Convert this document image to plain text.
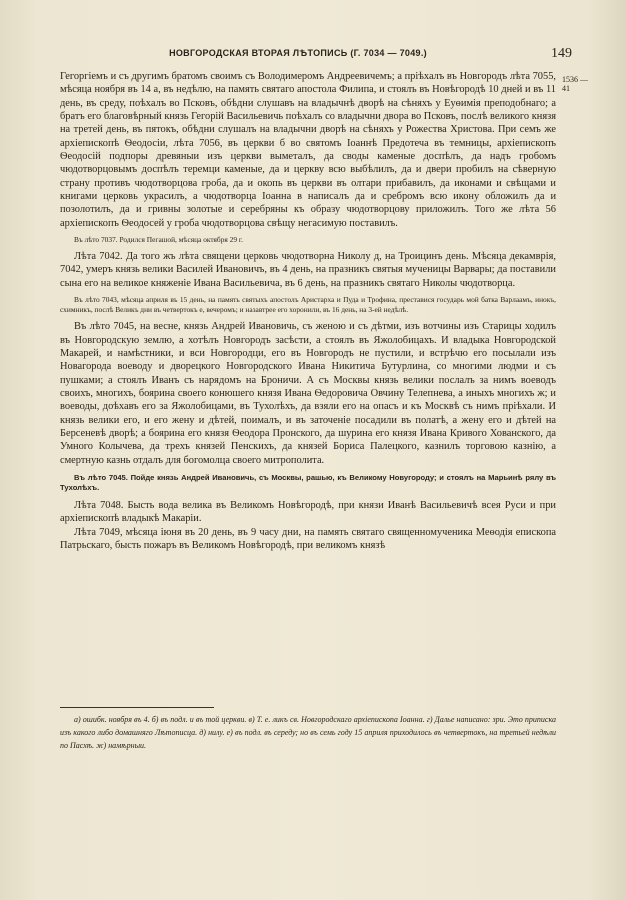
НОВГОРОДСКАЯ ВТОРАЯ ЛѢТОПИСЬ (Г. 7034 — 7049.)	149
1536 —41

Гегоргiемъ и съ другимъ братомъ своимъ съ Володимеромъ Андреевичемъ; а прiѣхалъ въ Новгородъ лѣта 7055, мѣсяца ноября въ 14 а, въ недѣлю, на память святаго апостола Филипа, и стоялъ въ Новѣгородѣ 10 дней и въ 11 день, въ среду, поѣхалъ во Псковъ, обѣдни слушавъ на владычнѣ дворѣ на сѣняхъ у Еуѳимiя преподобнаго; а братъ его благовѣрный князь Гегорiй Васильевичь поѣхалъ со владычни двора во Псковъ, послѣ великого князя на третей день, въ пятокъ, обѣдни слушалъ на владычни дворѣ на сѣняхъ у Рожества Христова. При семъ же архiепископѣ Ѳеодосiи, лѣта 7056, въ церкви б во святомъ Iоаннѣ Предотеча въ темницы, архiепископъ Ѳеодосiй подпоры древяныи изъ церкви выметалъ, да своды каменые доспѣлъ, да надъ гробомъ чюдотворцовымъ доспѣлъ теремци каменые, да и церкву всю выбѣлилъ, да и двери пробилъ на сѣверную страну противъ чюдотворцова гроба, да и окопь въ церкви въ олтари прибавилъ, да иконами и свѣщами и книгами церковь украсилъ, а чюдотворца Iоанна в написалъ да и сребромъ всю икону обложилъ да и позолотилъ, да и гривны золотые и серебряны къ образу чюдотворцову приложилъ. Того же лѣта 56 архiепископъ Ѳеодосей у гроба чюдотворцова свѣщу негасимую поставилъ.

Въ лѣто 7037. Родился Пегашой, мѣсяца октября 29 г.

Лѣта 7042. Да того жъ лѣта священи церковь чюдотворна Николу д, на Троицинъ день. Мѣсяца декамврiя, 7042, умеръ князь велики Василей Ивановичъ, въ 4 день, на празникъ святыя мученицы Варвары; да поставили сына его на великое княженiе Ивана Васильевича, въ 6 день, на празникъ святаго Николы чюдотворца.

Въ лѣто 7043, мѣсяца априля въ 15 день, на память святыхъ апостолъ Аристарха и Пуда и Трофина, преставися государь мой батка Варлаамъ, инокъ, схимникъ, послѣ Великъ дни въ четвертокъ е, вечеромъ; и назавтрее его хоронили, въ 16 день, на 3-ей недѣлѣ.

Въ лѣто 7045, на весне, князь Андрей Ивановичь, съ женою и съ дѣтми, изъ вотчины изъ Старицы ходилъ въ Новгородскую землю, а хотѣлъ Новгородъ засѣсти, а стоялъ въ Яжолобицахъ. И владыка Новгородской Макарей, и намѣстники, и вси Новгородци, его въ Новгородъ не пустили, и встрѣчю его посылали изъ Новагорода воеводу и дворецкого Новгородского Ивана Никитича Бутурлина, со многими людми и съ пушками; а стоялъ Иванъ съ нарядомъ на Броничи. А съ Москвы князь велики послалъ за нимъ воеводъ своихъ, многихъ, боярина своего конюшего князя Ивана Ѳедоровича Овчину Телепнева, а иныхъ многихъ ж; и воеводы, доѣхавъ его за Яжолобицами, въ Тухолѣхъ, да взяли его на опасъ и къ Москвѣ съ нимъ прiѣхали. И князь велики его, и его жену и дѣтей, поималъ, и въ заточенiе посадили въ полатѣ, а жену его и дѣтей на Берсеневѣ дворѣ; а боярина его князя Ѳеодора Пронского, да шурина его князя Ивана Кривого Хованского, да Умного Колычева, да трехъ князей Пенскихъ, да князей Бориса Палецкого, казнилъ торговою казнiю, а смертную казнь отдалъ для богомолца своего митрополита.

Въ лѣто 7045. Пойде князь Андрей Ивановичь, съ Москвы, рашью, къ Великому Новугороду; и стоялъ на Марьинѣ рялу въ Тухолѣхъ.

Лѣта 7048. Бысть вода велика въ Великомъ Новѣгородѣ, при князи Иванѣ Васильевичѣ всея Руси и при архiепископѣ владыкѣ Макарiи.

Лѣта 7049, мѣсяца iюня въ 20 день, въ 9 часу дни, на память святаго священномученика Меѳодiя епископа Патрьскаго, бысть пожаръ въ Великомъ Новѣгородѣ, при великомъ князѣ

а) ошибк. ноября въ 4. б) въ подл. и въ той церкви. в) Т. е. ликъ св. Новгородскаго архiепископа Iоанна. г) Далье написано: зри. Это приписка изъ какого либо домашняго Лѣтописца. д) нилу. е) въ подл. въ середу; но въ семь году 15 априля приходилось въ четвертокъ, на третьей недѣли по Пасхѣ. ж) намѣрныи.
